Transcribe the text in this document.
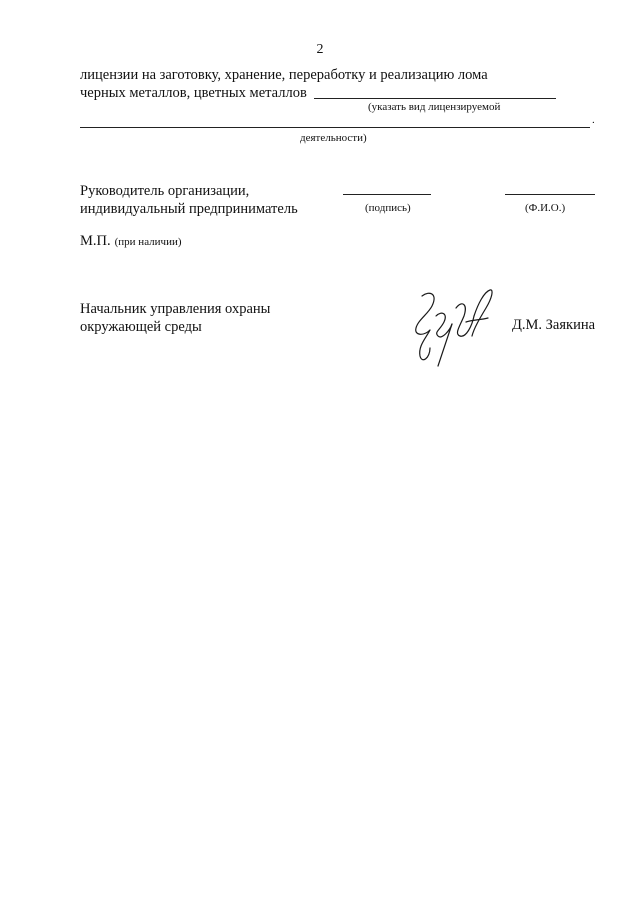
2
лицензии на заготовку, хранение, переработку и реализацию лома
черных металлов, цветных металлов
(указать вид лицензируемой
.
деятельности)
Руководитель организации,
индивидуальный предприниматель	(подпись)	(Ф.И.О.)
М.П. (при наличии)
Начальник управления охраны
окружающей среды	Д.М. Заякина
